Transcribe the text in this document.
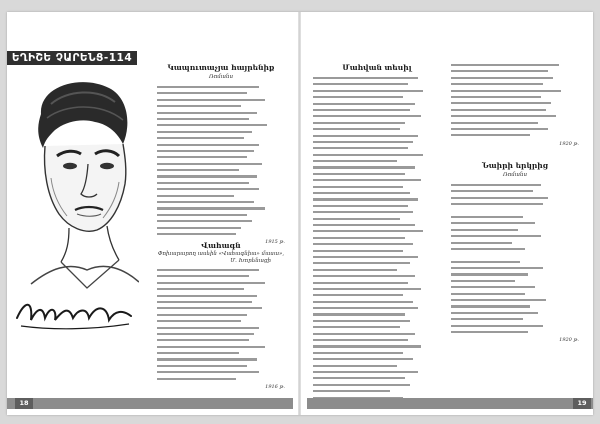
ԵՂԻՇԵ ՉԱՐԵՆՑ-114
Կապուտաչյա հայրենիք
Ռոմանս
1915 թ.
Վահագն
Փոխարարող ասեին «Վահագնիա» մասա»,
Մ. Խորենացի
1916 թ.
18
Մահվան տեսիլ
1920 թ.
Նաիրի երկրից
Ռոմանս
1920 թ.
19
